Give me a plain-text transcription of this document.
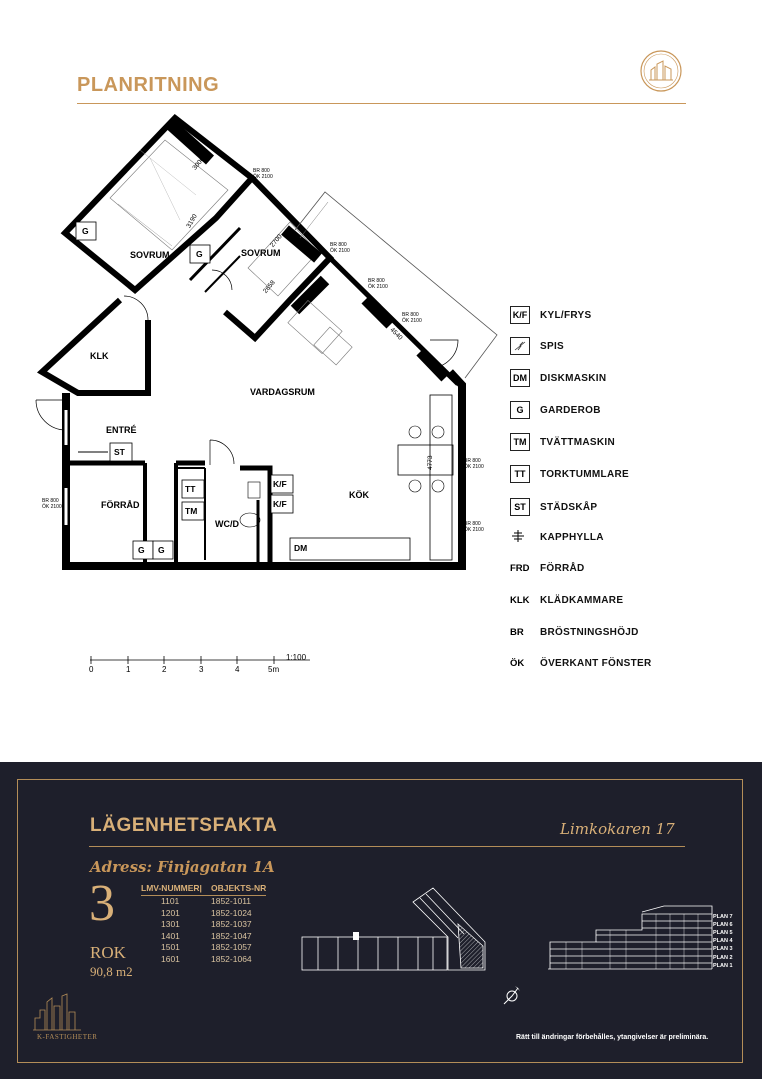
PLANRITNING
SOVRUM	SOVRUM
KLK
VARDAGSRUM
ENTRÉ
FÖRRÅD
WC/D
KÖK
G
G
ST
G G
TT
TM
K/F
K/F
DM
3000
3190
2700
2658
4540
4773
BR 800
ÖK 2100
BR 800
ÖK 2100
BR 800
ÖK 2100
BR 800
ÖK 2100
BR 800
ÖK 2100
BR 800
ÖK 2100
BR 800
ÖK 2100
0	1	2	3	4	5m
1:100
K/F KYL/FRYS
SPIS
DM	DISKMASKIN
G	GARDEROB
TM	TVÄTTMASKIN
TT	TORKTUMMLARE
ST	STÄDSKÅP
KAPPHYLLA
FRD FÖRRÅD
KLK KLÄDKAMMARE
BR	BRÖSTNINGSHÖJD
ÖK	ÖVERKANT FÖNSTER
LÄGENHETSFAKTA	Limkokaren 17
Adress: Finjagatan 1A
3
ROK
90,8 m2
LMV-NUMMER|	OBJEKTS-NR
1101	1852-1011
1201	1852-1024
1301	1852-1037
1401	1852-1047
1501	1852-1057
1601	1852-1064
PLAN 7
PLAN 6
PLAN 5
PLAN 4
PLAN 3
PLAN 2
PLAN 1
Rätt till ändringar förbehålles, ytangivelser är preliminära.
K-FASTIGHETER
